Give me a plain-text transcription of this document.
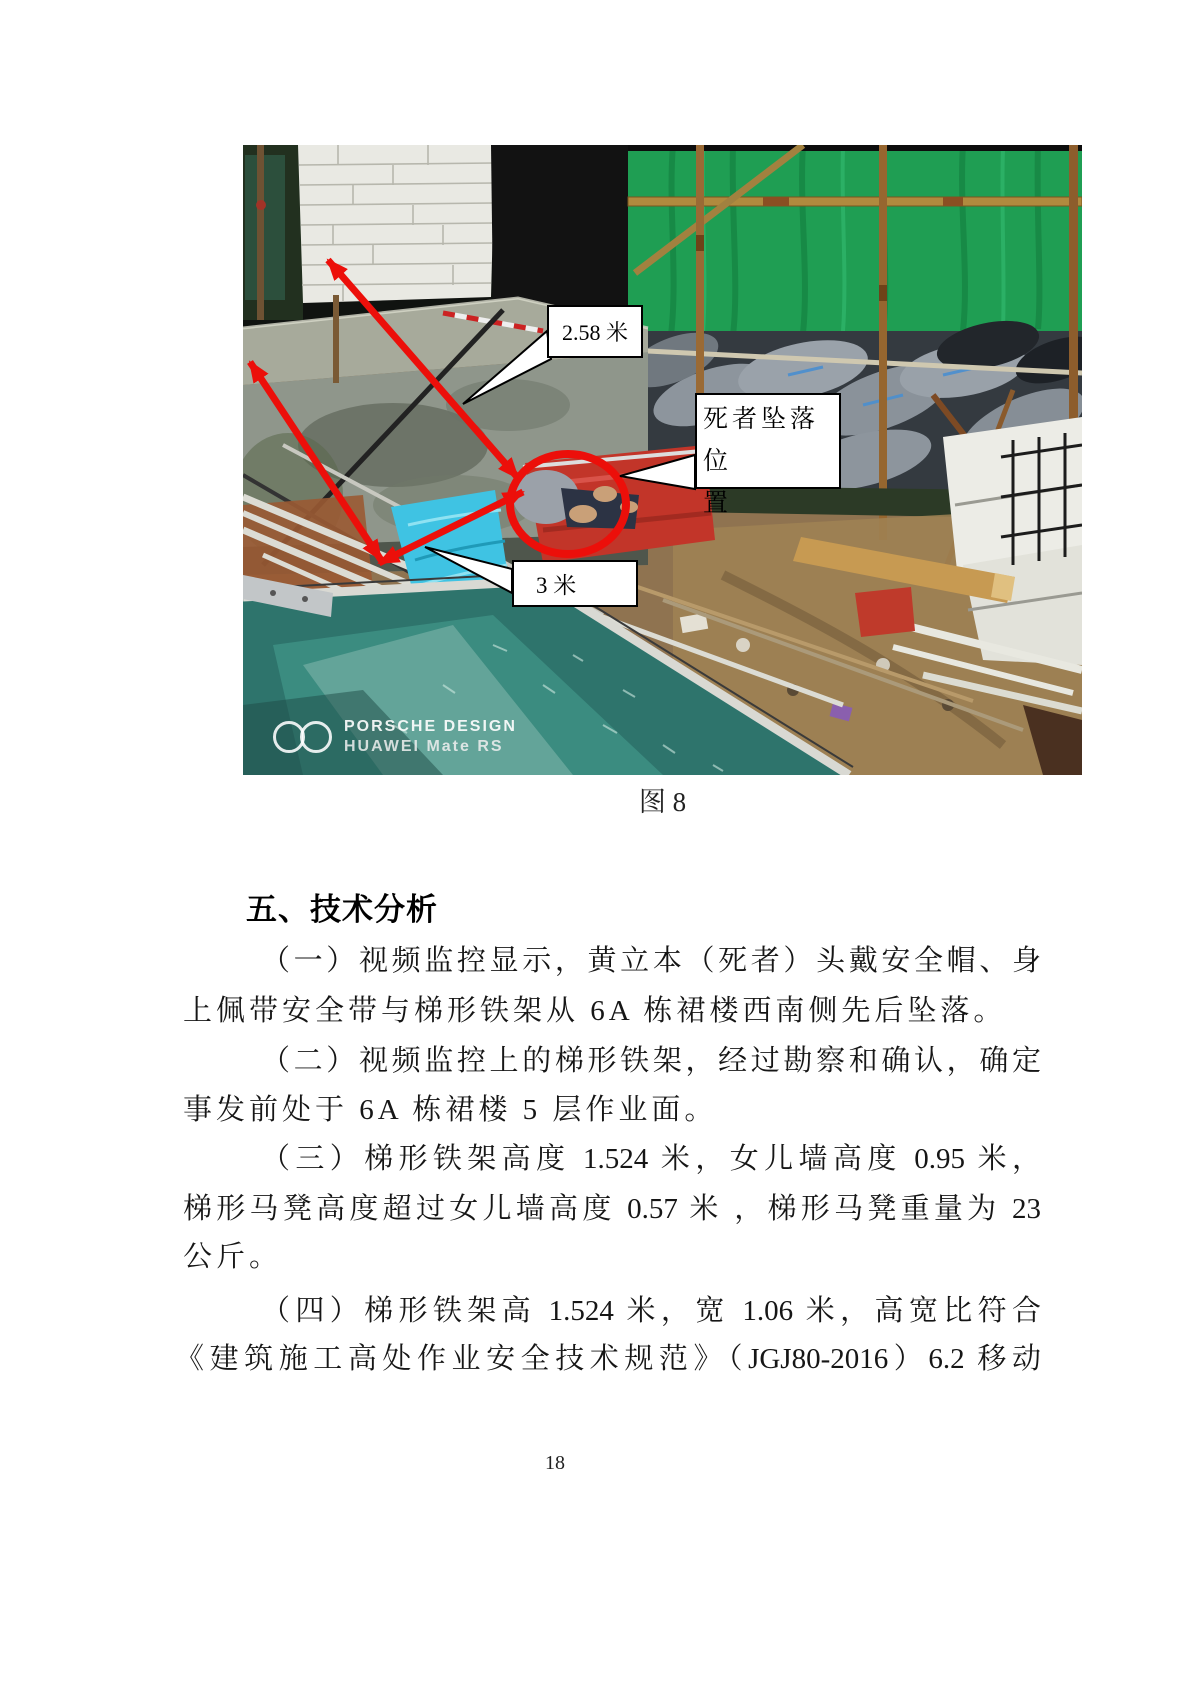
2.58 米
死者坠落位
置
3 米
PORSCHE DESIGN
HUAWEI Mate RS
图 8
五、技术分析
（一）视频监控显示，黄立本（死者）头戴安全帽、身
上佩带安全带与梯形铁架从 6A 栋裙楼西南侧先后坠落。
（二）视频监控上的梯形铁架，经过勘察和确认，确定
事发前处于 6A 栋裙楼 5 层作业面。
（三）梯形铁架高度 1.524 米，女儿墙高度 0.95 米，
梯形马凳高度超过女儿墙高度 0.57 米 ，梯形马凳重量为 23
公斤。
（四）梯形铁架高 1.524 米，宽 1.06 米，高宽比符合
《建筑施工高处作业安全技术规范》（JGJ80-2016）6.2 移动
18
